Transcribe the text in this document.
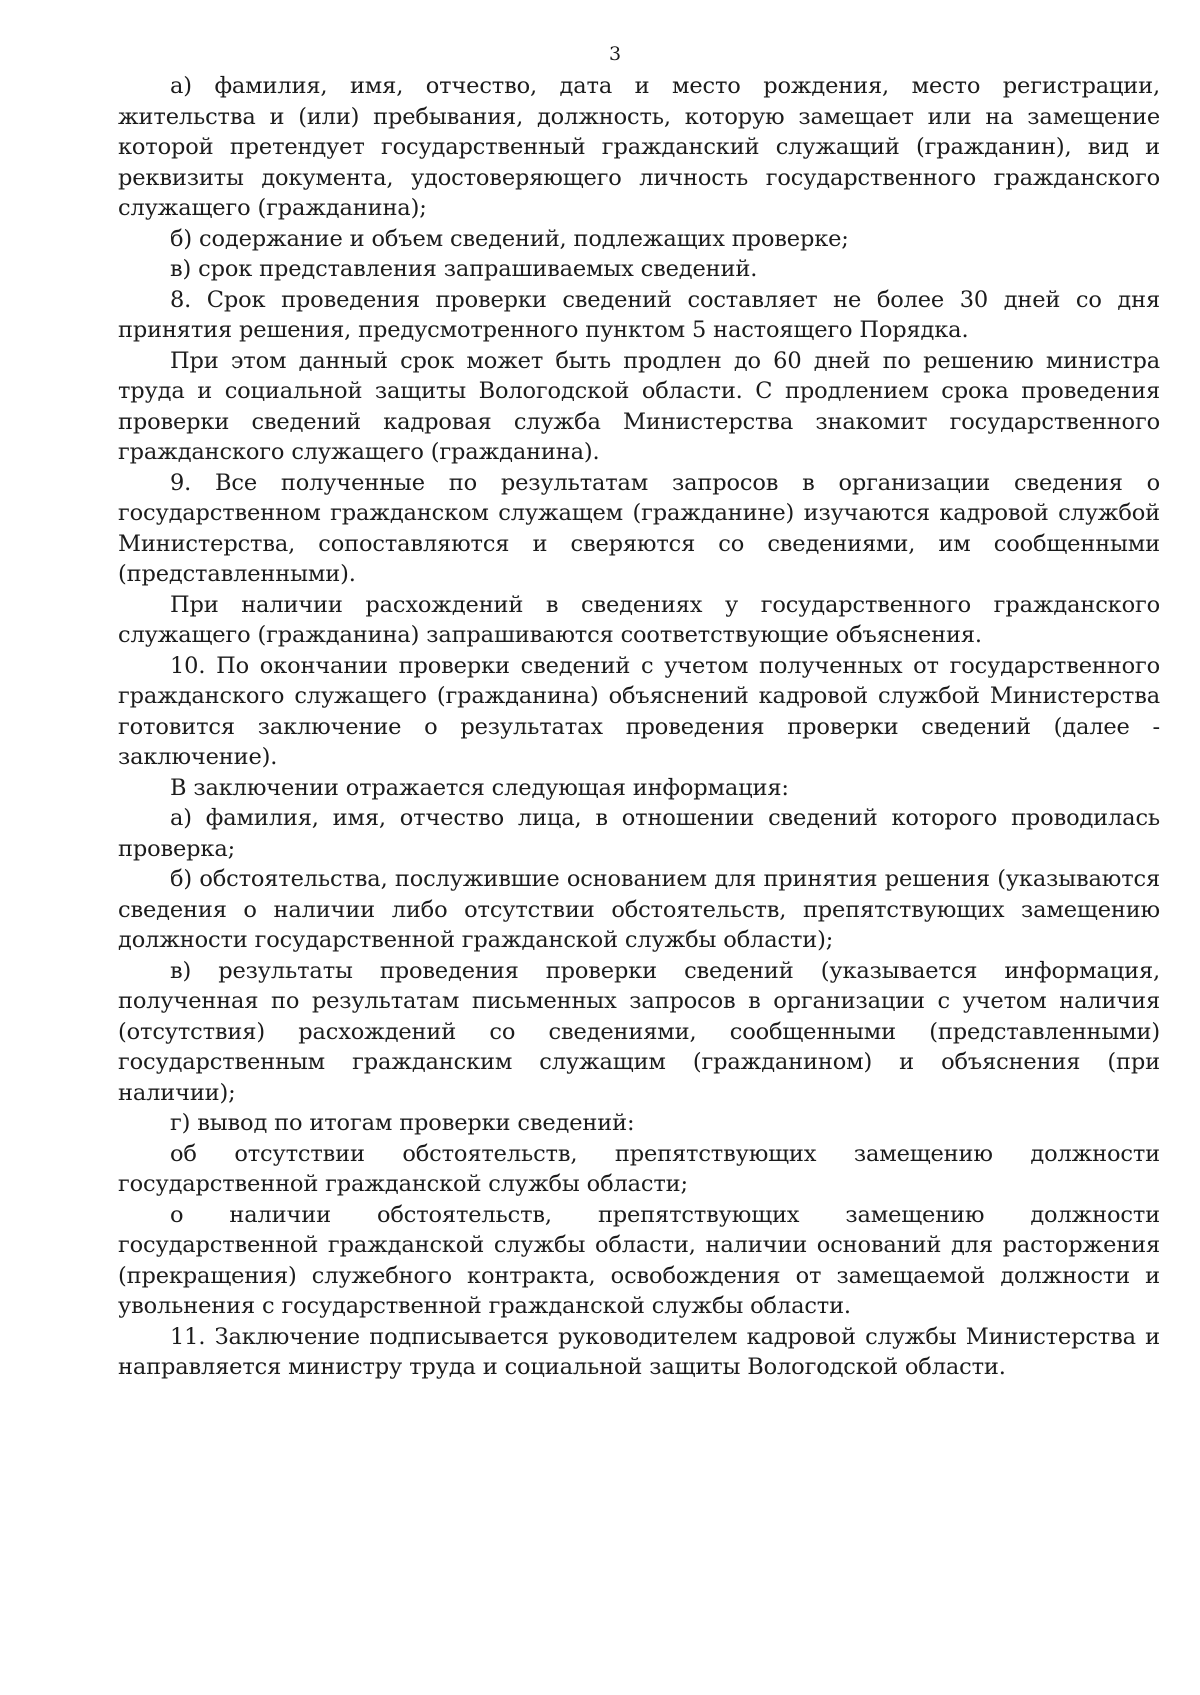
3

а) фамилия, имя, отчество, дата и место рождения, место регистрации, жительства и (или) пребывания, должность, которую замещает или на замещение которой претендует государственный гражданский служащий (гражданин), вид и реквизиты документа, удостоверяющего личность государственного гражданского служащего (гражданина);

б) содержание и объем сведений, подлежащих проверке;

в) срок представления запрашиваемых сведений.

8. Срок проведения проверки сведений составляет не более 30 дней со дня принятия решения, предусмотренного пунктом 5 настоящего Порядка.

При этом данный срок может быть продлен до 60 дней по решению министра труда и социальной защиты Вологодской области. С продлением срока проведения проверки сведений кадровая служба Министерства знакомит государственного гражданского служащего (гражданина).

9. Все полученные по результатам запросов в организации сведения о государственном гражданском служащем (гражданине) изучаются кадровой службой Министерства, сопоставляются и сверяются со сведениями, им сообщенными (представленными).

При наличии расхождений в сведениях у государственного гражданского служащего (гражданина) запрашиваются соответствующие объяснения.

10. По окончании проверки сведений с учетом полученных от государственного гражданского служащего (гражданина) объяснений кадровой службой Министерства готовится заключение о результатах проведения проверки сведений (далее - заключение).

В заключении отражается следующая информация:

а) фамилия, имя, отчество лица, в отношении сведений которого проводилась проверка;

б) обстоятельства, послужившие основанием для принятия решения (указываются сведения о наличии либо отсутствии обстоятельств, препятствующих замещению должности государственной гражданской службы области);

в) результаты проведения проверки сведений (указывается информация, полученная по результатам письменных запросов в организации с учетом наличия (отсутствия) расхождений со сведениями, сообщенными (представленными) государственным гражданским служащим (гражданином) и объяснения (при наличии);

г) вывод по итогам проверки сведений:

об отсутствии обстоятельств, препятствующих замещению должности государственной гражданской службы области;

о наличии обстоятельств, препятствующих замещению должности государственной гражданской службы области, наличии оснований для расторжения (прекращения) служебного контракта, освобождения от замещаемой должности и увольнения с государственной гражданской службы области.

11. Заключение подписывается руководителем кадровой службы Министерства и направляется министру труда и социальной защиты Вологодской области.
